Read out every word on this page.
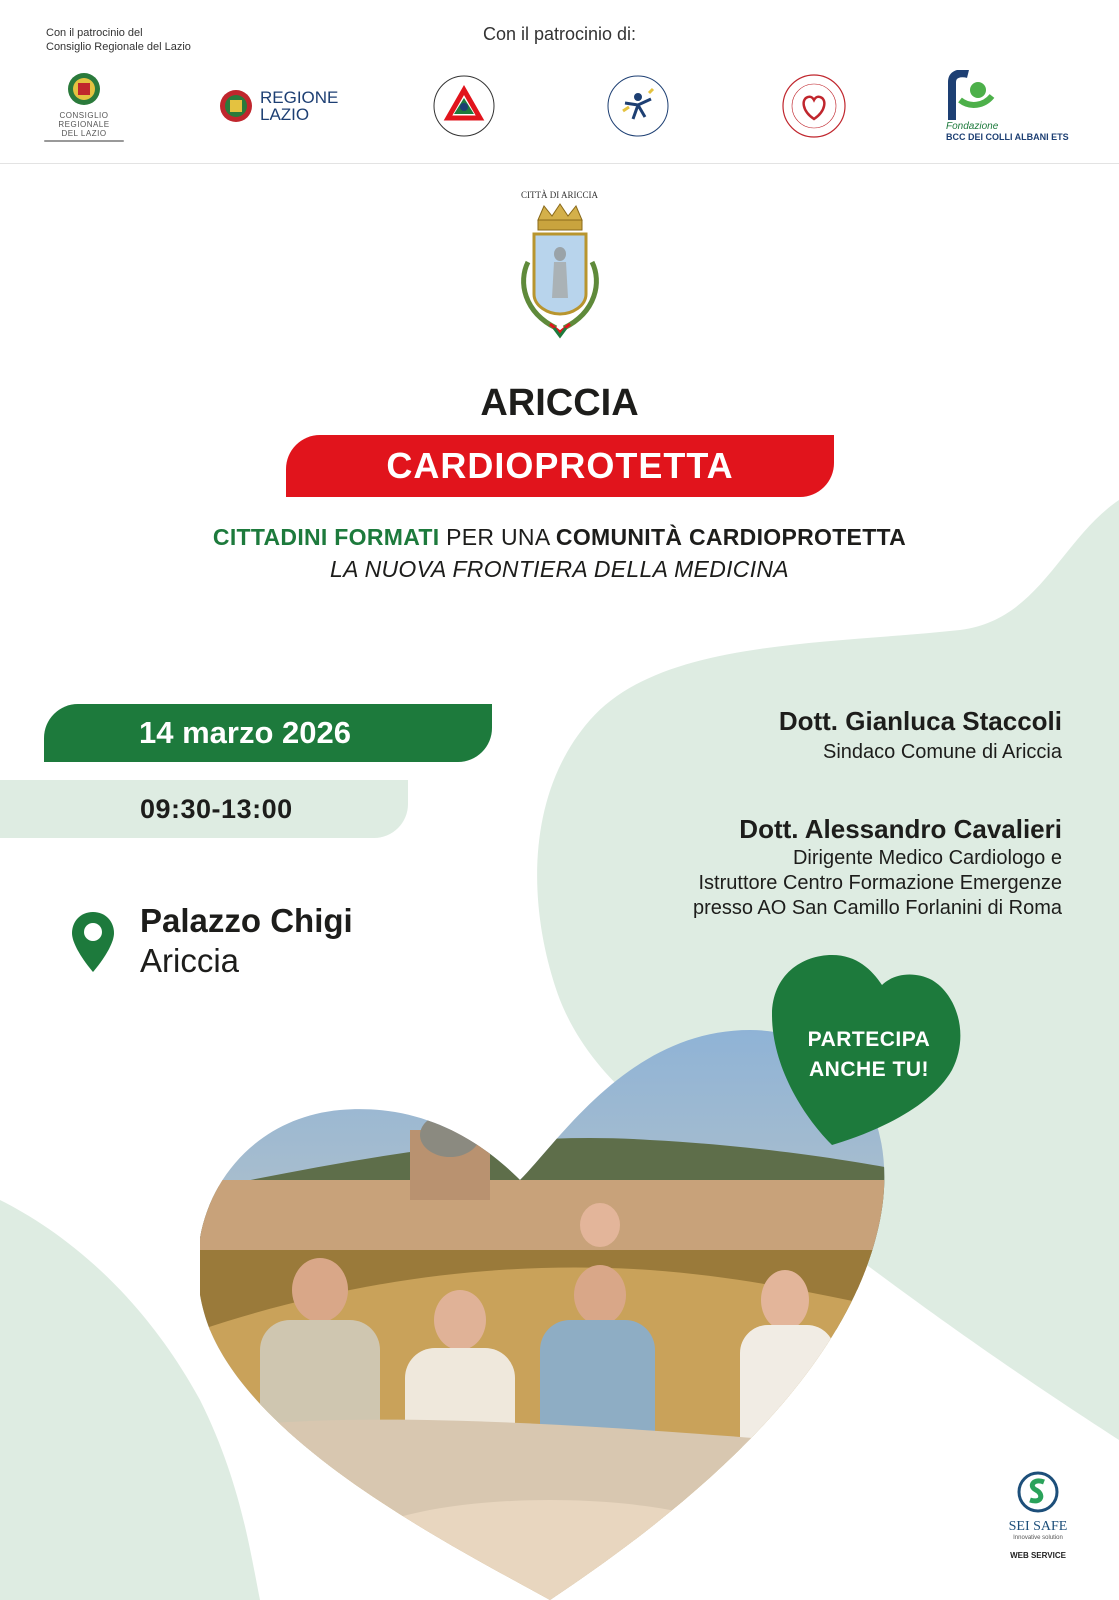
Con il patrocinio del
Consiglio Regionale del Lazio
Con il patrocinio di:
CONSIGLIO
REGIONALE
DEL LAZIO
REGIONE
LAZIO
Fondazione
BCC DEI COLLI ALBANI ETS
CITTÀ DI ARICCIA
ARICCIA
CARDIOPROTETTA
CITTADINI FORMATI PER UNA COMUNITÀ CARDIOPROTETTA
LA NUOVA FRONTIERA DELLA MEDICINA
14 marzo 2026
09:30-13:00
Palazzo Chigi
Ariccia
Dott. Gianluca Staccoli
Sindaco Comune di Ariccia
Dott. Alessandro Cavalieri
Dirigente Medico Cardiologo e
Istruttore Centro Formazione Emergenze
presso AO San Camillo Forlanini di Roma
PARTECIPA
ANCHE TU!
SEI SAFE
Innovative solution
WEB SERVICE
